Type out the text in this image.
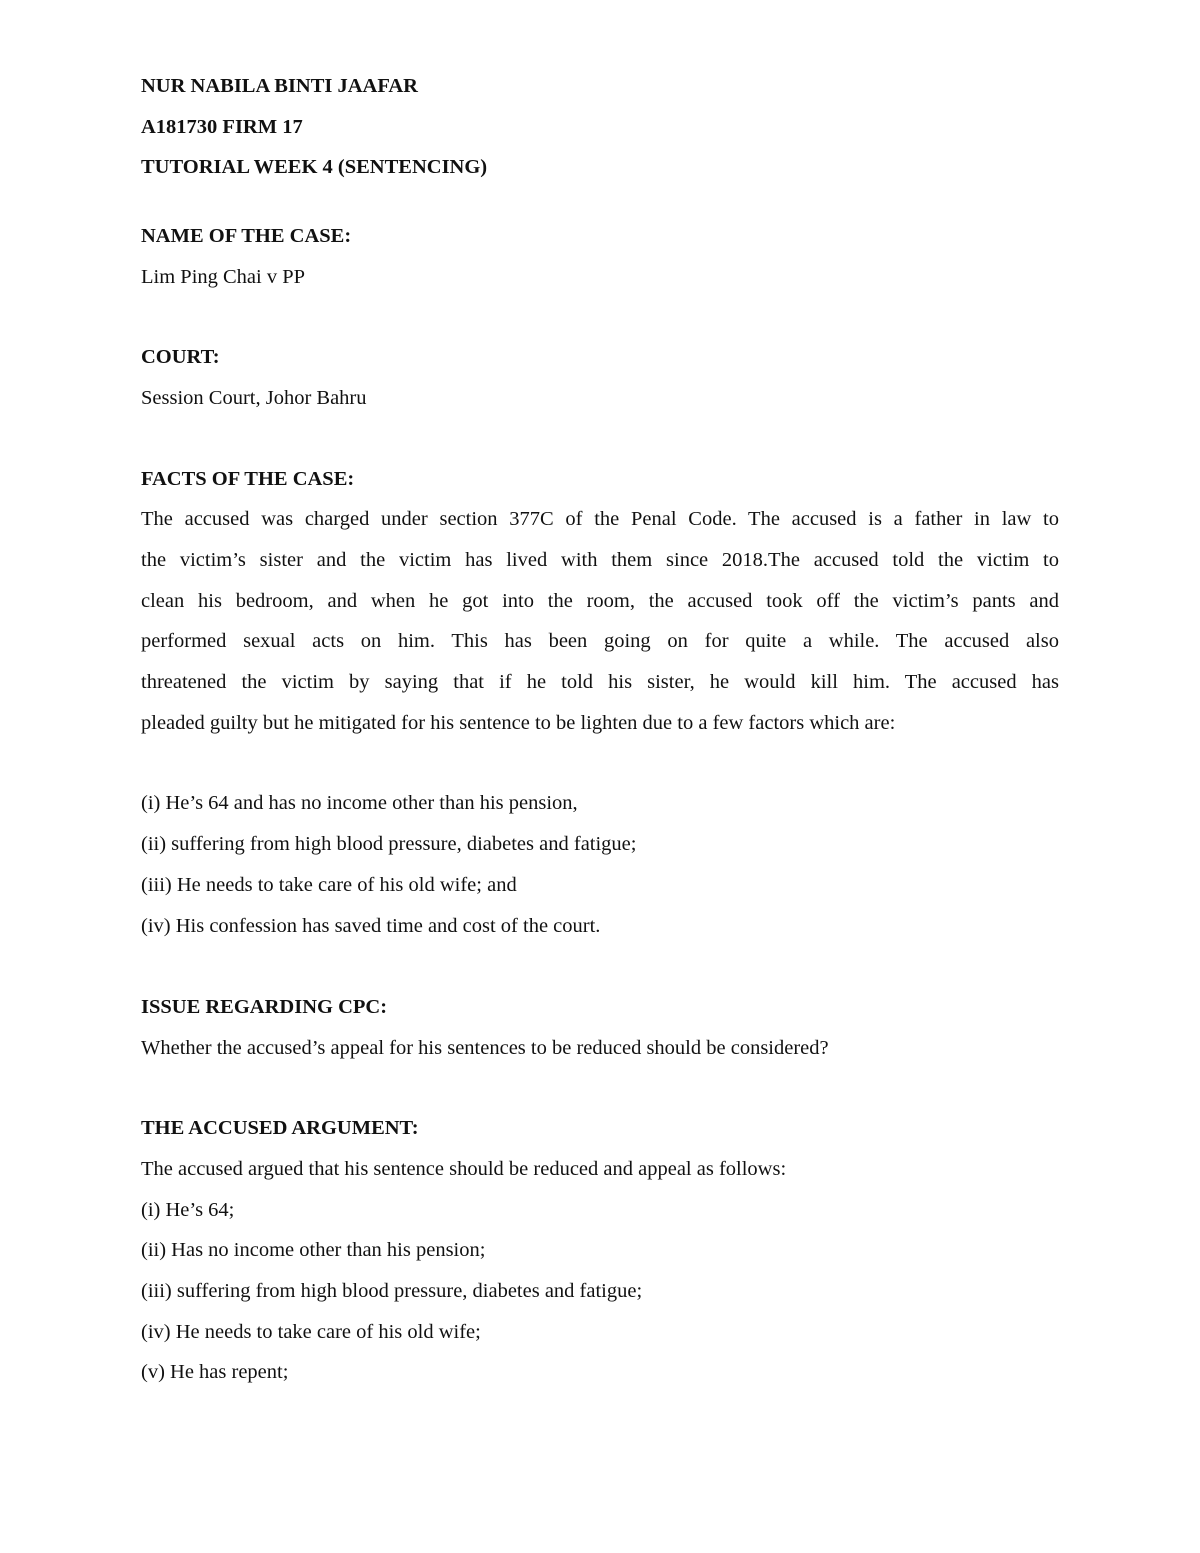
NUR NABILA BINTI JAAFAR
A181730 FIRM 17
TUTORIAL WEEK 4 (SENTENCING)
NAME OF THE CASE:
Lim Ping Chai v PP
COURT:
Session Court, Johor Bahru
FACTS OF THE CASE:
The accused was charged under section 377C of the Penal Code. The accused is a father in law to
the victim’s sister and the victim has lived with them since 2018.The accused told the victim to
clean his bedroom, and when he got into the room, the accused took off the victim’s pants and
performed sexual acts on him. This has been going on for quite a while. The accused also
threatened the victim by saying that if he told his sister, he would kill him. The accused has
pleaded guilty but he mitigated for his sentence to be lighten due to a few factors which are:
(i) He’s 64 and has no income other than his pension,
(ii) suffering from high blood pressure, diabetes and fatigue;
(iii) He needs to take care of his old wife; and
(iv) His confession has saved time and cost of the court.
ISSUE REGARDING CPC:
Whether the accused’s appeal for his sentences to be reduced should be considered?
THE ACCUSED ARGUMENT:
The accused argued that his sentence should be reduced and appeal as follows:
(i) He’s 64;
(ii) Has no income other than his pension;
(iii) suffering from high blood pressure, diabetes and fatigue;
(iv) He needs to take care of his old wife;
(v) He has repent;
